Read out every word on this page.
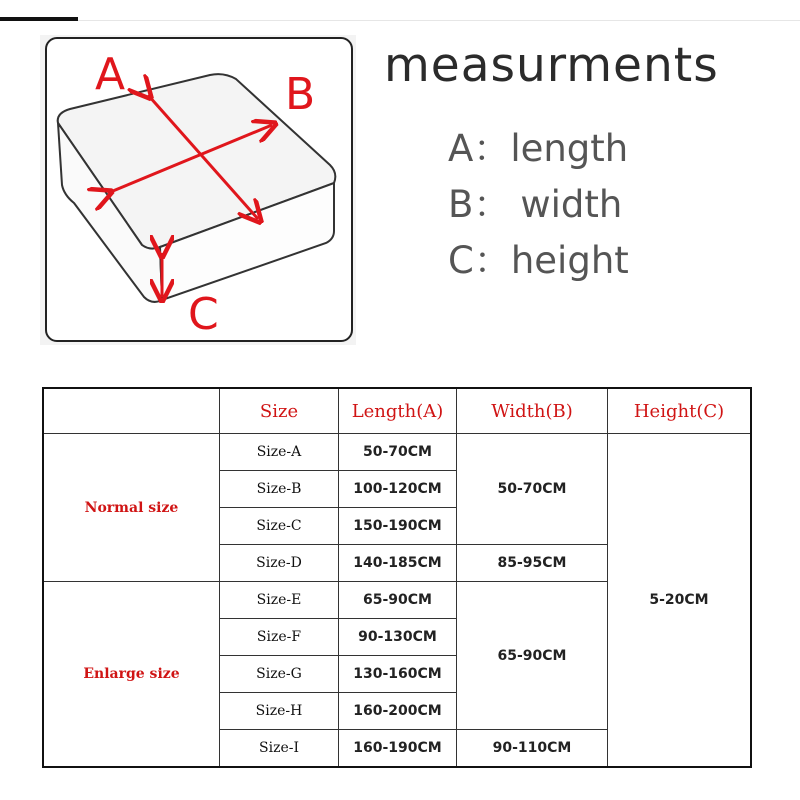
A	B
C
measurments
A：length
B： width
C：height
	Size	Length(A)	Width(B)	Height(C)
Normal size	Size-A	50-70CM	50-70CM	5-20CM
	Size-B	100-120CM		
	Size-C	150-190CM		
	Size-D	140-185CM	85-95CM	
Enlarge size	Size-E	65-90CM	65-90CM	
	Size-F	90-130CM		
	Size-G	130-160CM		
	Size-H	160-200CM		
	Size-I	160-190CM	90-110CM	
